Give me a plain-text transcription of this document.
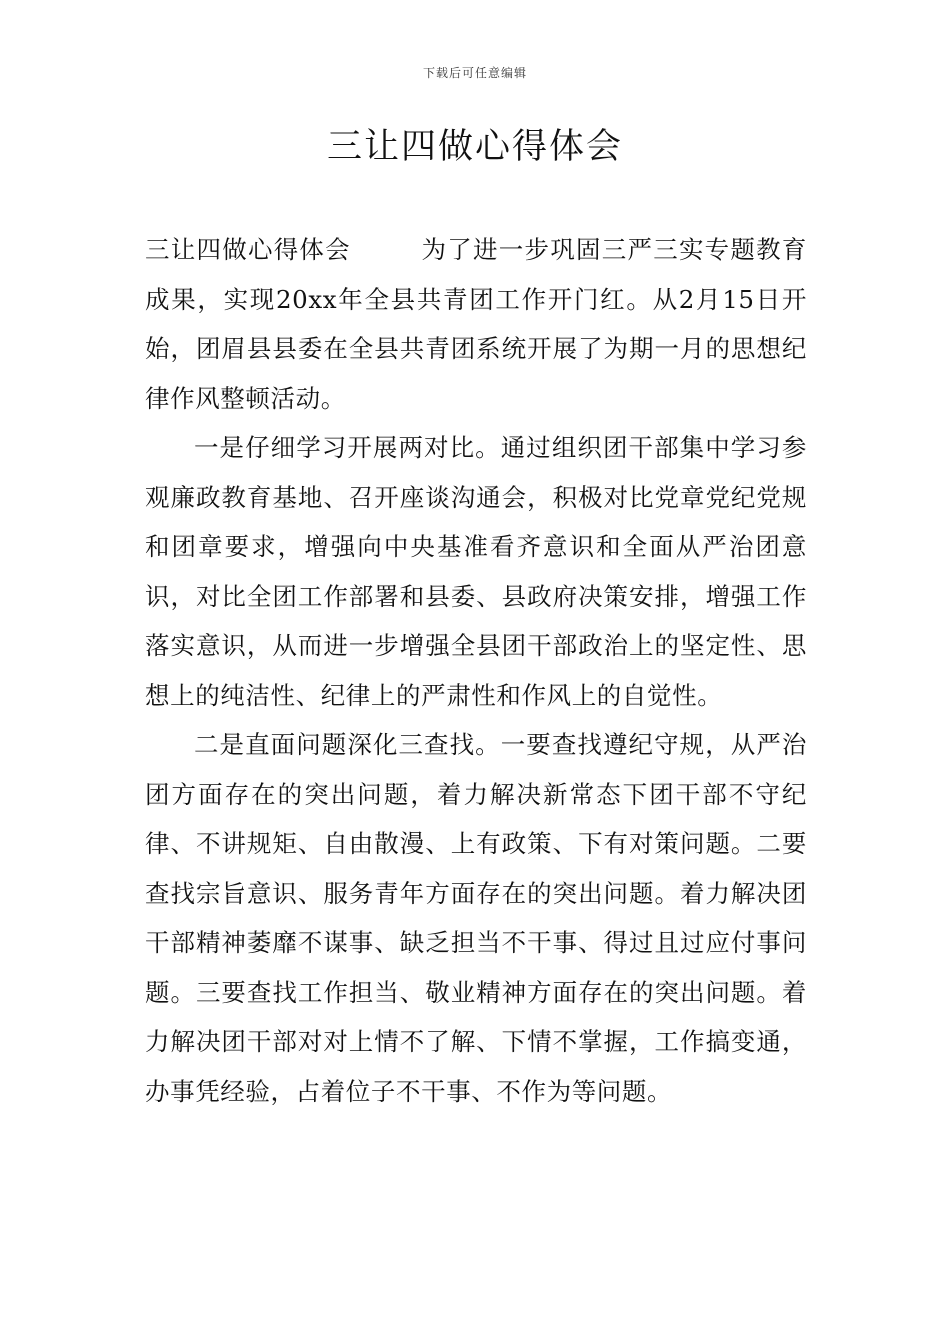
下载后可任意编辑
三让四做心得体会

三让四做心得体会	为了进一步巩固三严三实专题教育成果，实现20xx年全县共青团工作开门红。从2月15日开始，团眉县县委在全县共青团系统开展了为期一月的思想纪律作风整顿活动。

一是仔细学习开展两对比。通过组织团干部集中学习参观廉政教育基地、召开座谈沟通会，积极对比党章党纪党规和团章要求，增强向中央基准看齐意识和全面从严治团意识，对比全团工作部署和县委、县政府决策安排，增强工作落实意识，从而进一步增强全县团干部政治上的坚定性、思想上的纯洁性、纪律上的严肃性和作风上的自觉性。

二是直面问题深化三查找。一要查找遵纪守规，从严治团方面存在的突出问题，着力解决新常态下团干部不守纪律、不讲规矩、自由散漫、上有政策、下有对策问题。二要查找宗旨意识、服务青年方面存在的突出问题。着力解决团干部精神萎靡不谋事、缺乏担当不干事、得过且过应付事问题。三要查找工作担当、敬业精神方面存在的突出问题。着力解决团干部对对上情不了解、下情不掌握，工作搞变通，办事凭经验，占着位子不干事、不作为等问题。
